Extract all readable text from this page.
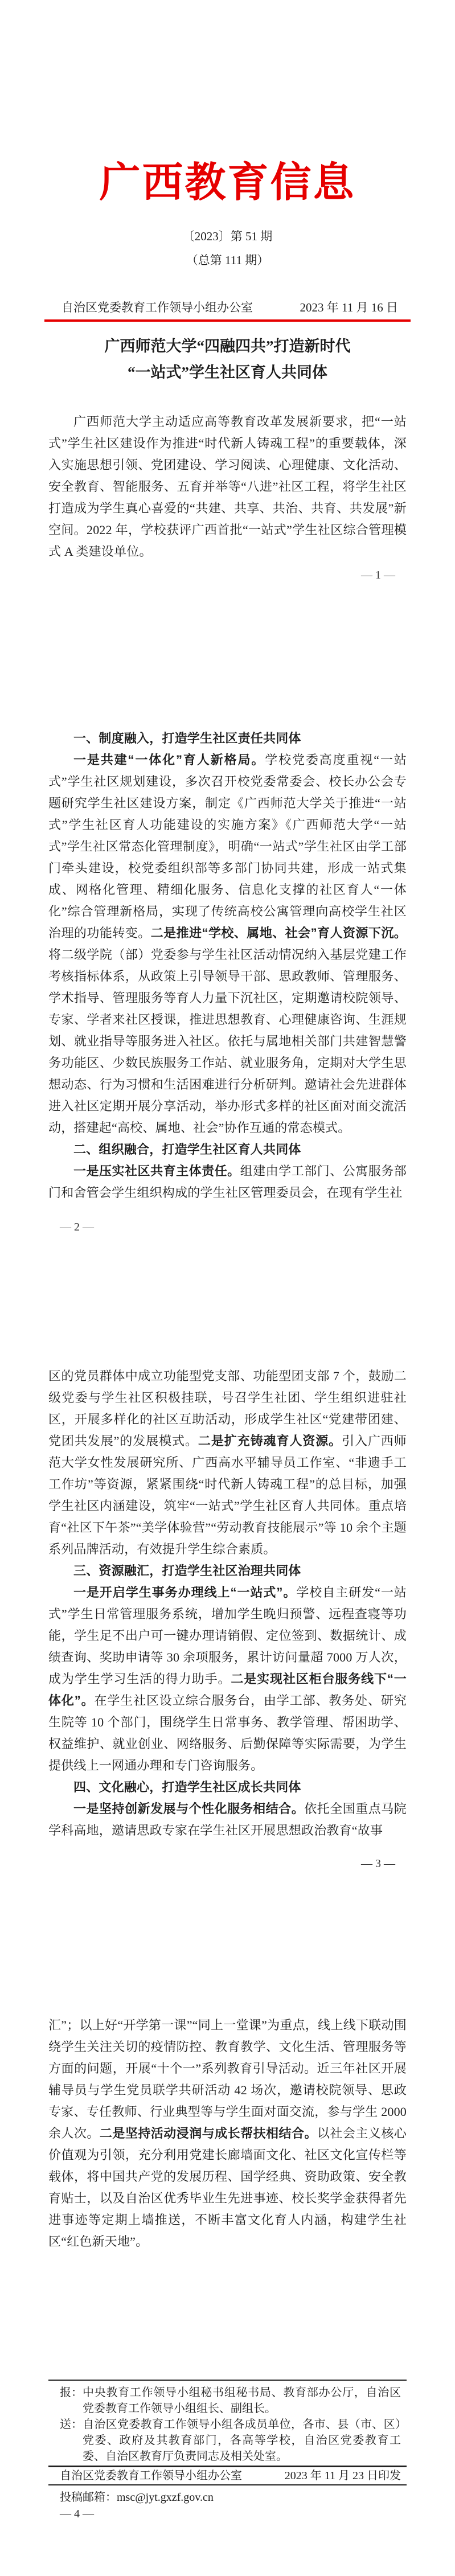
广西教育信息
〔2023〕第 51 期
（总第 111 期）
自治区党委教育工作领导小组办公室	2023 年 11 月 16 日
广西师范大学“四融四共”打造新时代
“一站式”学生社区育人共同体

广西师范大学主动适应高等教育改革发展新要求，把“一站式”学生社区建设作为推进“时代新人铸魂工程”的重要载体，深入实施思想引领、党团建设、学习阅读、心理健康、文化活动、安全教育、智能服务、五育并举等“八进”社区工程，将学生社区打造成为学生真心喜爱的“共建、共享、共治、共育、共发展”新空间。2022 年，学校获评广西首批“一站式”学生社区综合管理模式 A 类建设单位。

— 1 —
一、制度融入，打造学生社区责任共同体

一是共建“一体化”育人新格局。学校党委高度重视“一站式”学生社区规划建设，多次召开校党委常委会、校长办公会专题研究学生社区建设方案，制定《广西师范大学关于推进“一站式”学生社区育人功能建设的实施方案》《广西师范大学“一站式”学生社区常态化管理制度》，明确“一站式”学生社区由学工部门牵头建设，校党委组织部等多部门协同共建，形成一站式集成、网格化管理、精细化服务、信息化支撑的社区育人“一体化”综合管理新格局，实现了传统高校公寓管理向高校学生社区治理的功能转变。二是推进“学校、属地、社会”育人资源下沉。将二级学院（部）党委参与学生社区活动情况纳入基层党建工作考核指标体系，从政策上引导领导干部、思政教师、管理服务、学术指导、管理服务等育人力量下沉社区，定期邀请校院领导、专家、学者来社区授课，推进思想教育、心理健康咨询、生涯规划、就业指导等服务进入社区。依托与属地相关部门共建智慧警务功能区、少数民族服务工作站、就业服务角，定期对大学生思想动态、行为习惯和生活困难进行分析研判。邀请社会先进群体进入社区定期开展分享活动，举办形式多样的社区面对面交流活动，搭建起“高校、属地、社会”协作互通的常态模式。

二、组织融合，打造学生社区育人共同体

一是压实社区共育主体责任。组建由学工部门、公寓服务部门和舍管会学生组织构成的学生社区管理委员会，在现有学生社

— 2 —

区的党员群体中成立功能型党支部、功能型团支部 7 个，鼓励二级党委与学生社区积极挂联，号召学生社团、学生组织进驻社区，开展多样化的社区互助活动，形成学生社区“党建带团建、党团共发展”的发展模式。二是扩充铸魂育人资源。引入广西师范大学女性发展研究所、广西高水平辅导员工作室、“非遗手工工作坊”等资源，紧紧围绕“时代新人铸魂工程”的总目标，加强学生社区内涵建设，筑牢“一站式”学生社区育人共同体。重点培育“社区下午茶”“美学体验营”“劳动教育技能展示”等 10 余个主题系列品牌活动，有效提升学生综合素质。

三、资源融汇，打造学生社区治理共同体

一是开启学生事务办理线上“一站式”。学校自主研发“一站式”学生日常管理服务系统，增加学生晚归预警、远程查寝等功能，学生足不出户可一键办理请销假、定位签到、数据统计、成绩查询、奖助申请等 30 余项服务，累计访问量超 7000 万人次，成为学生学习生活的得力助手。二是实现社区柜台服务线下“一体化”。在学生社区设立综合服务台，由学工部、教务处、研究生院等 10 个部门，围绕学生日常事务、教学管理、帮困助学、权益维护、就业创业、网络服务、后勤保障等实际需要，为学生提供线上一网通办理和专门咨询服务。

四、文化融心，打造学生社区成长共同体

一是坚持创新发展与个性化服务相结合。依托全国重点马院学科高地，邀请思政专家在学生社区开展思想政治教育“故事

— 3 —

汇”；以上好“开学第一课”“同上一堂课”为重点，线上线下联动围绕学生关注关切的疫情防控、教育教学、文化生活、管理服务等方面的问题，开展“十个一”系列教育引导活动。近三年社区开展辅导员与学生党员联学共研活动 42 场次，邀请校院领导、思政专家、专任教师、行业典型等与学生面对面交流，参与学生 2000 余人次。二是坚持活动浸润与成长帮扶相结合。以社会主义核心价值观为引领，充分利用党建长廊墙面文化、社区文化宣传栏等载体，将中国共产党的发展历程、国学经典、资助政策、安全教育贴士，以及自治区优秀毕业生先进事迹、校长奖学金获得者先进事迹等定期上墙推送，不断丰富文化育人内涵，构建学生社区“红色新天地”。

报： 中央教育工作领导小组秘书组秘书局、教育部办公厅，自治区党委教育工作领导小组组长、副组长。
送： 自治区党委教育工作领导小组各成员单位，各市、县（市、区）党委、政府及其教育部门，各高等学校，自治区党委教育工委、自治区教育厅负责同志及相关处室。
自治区党委教育工作领导小组办公室	2023 年 11 月 23 日印发
投稿邮箱：msc@jyt.gxzf.gov.cn
— 4 —
